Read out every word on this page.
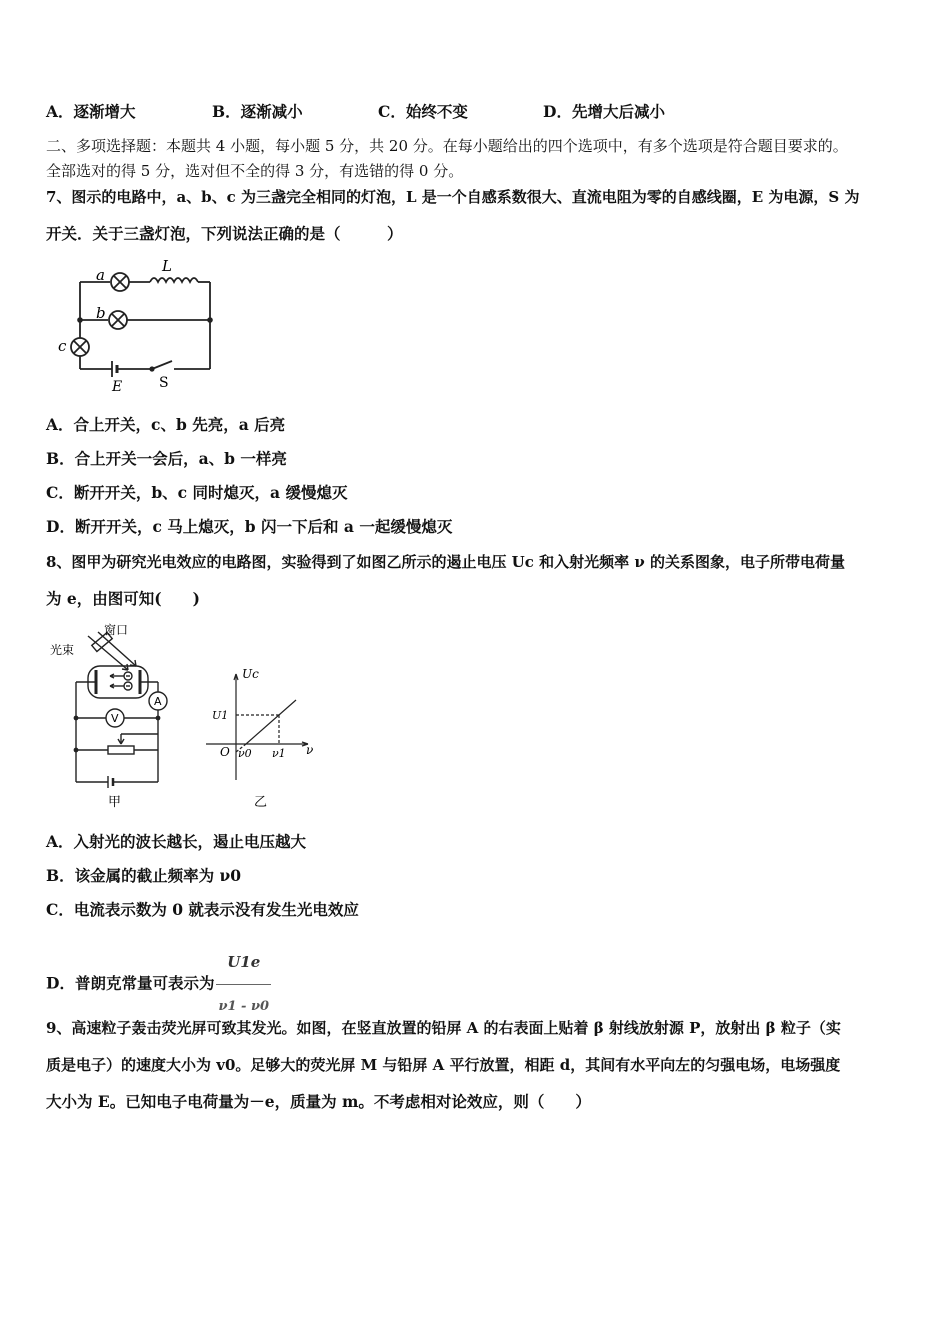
A．逐渐增大	B．逐渐减小	C．始终不变	D．先增大后减小
二、多项选择题：本题共 4 小题，每小题 5 分，共 20 分。在每小题给出的四个选项中，有多个选项是符合题目要求的。
全部选对的得 5 分，选对但不全的得 3 分，有选错的得 0 分。
7、图示的电路中，a、b、c 为三盏完全相同的灯泡，L 是一个自感系数很大、直流电阻为零的自感线圈，E 为电源，S 为
开关．关于三盏灯泡，下列说法正确的是（　　　）
a
b
c
L
E	S
A．合上开关，c、b 先亮，a 后亮
B．合上开关一会后，a、b 一样亮
C．断开开关，b、c 同时熄灭，a 缓慢熄灭
D．断开开关，c 马上熄灭，b 闪一下后和 a 一起缓慢熄灭
8、图甲为研究光电效应的电路图，实验得到了如图乙所示的遏止电压 Uc 和入射光频率 ν 的关系图象，电子所带电荷量
为 e，由图可知(　　)
窗口
光束
A
V
甲
Uc
U1
O ν0 ν1 ν
乙
A．入射光的波长越长，遏止电压越大
B．该金属的截止频率为 ν0
C．电流表示数为 0 就表示没有发生光电效应
D．普朗克常量可表示为 $\frac{U1e}{\nu 1 - \nu 0}$
9、高速粒子轰击荧光屏可致其发光。如图，在竖直放置的铅屏 A 的右表面上贴着 β 射线放射源 P，放射出 β 粒子（实
质是电子）的速度大小为 v0。足够大的荧光屏 M 与铅屏 A 平行放置，相距 d，其间有水平向左的匀强电场，电场强度
大小为 E。已知电子电荷量为－e，质量为 m。不考虑相对论效应，则（　　）
